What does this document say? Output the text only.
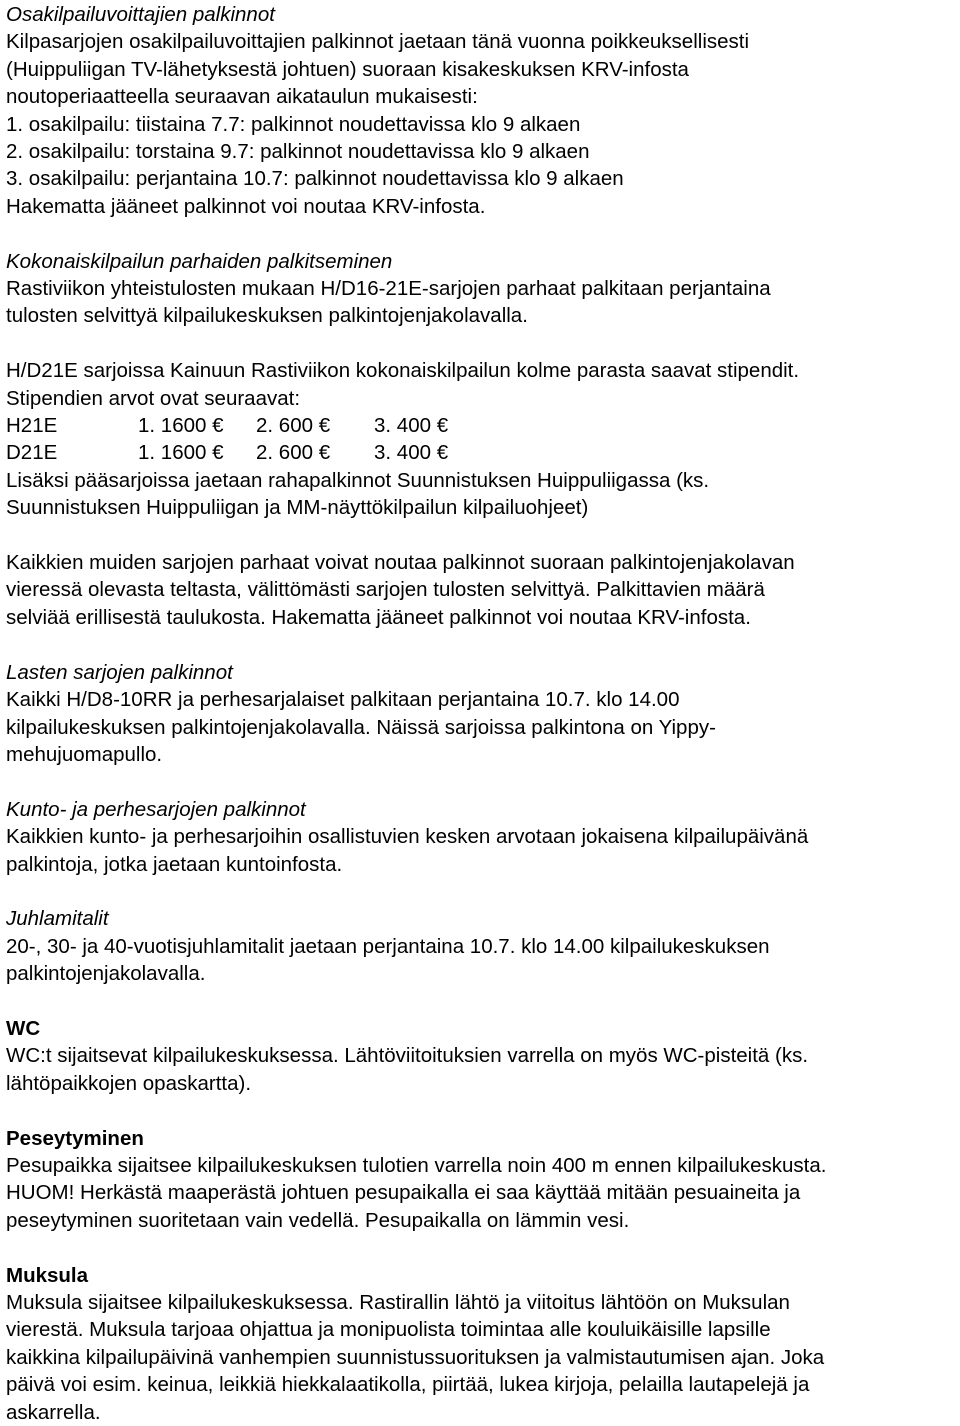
Osakilpailuvoittajien palkinnot
Kilpasarjojen osakilpailuvoittajien palkinnot jaetaan tänä vuonna poikkeuksellisesti
(Huippuliigan TV-lähetyksestä johtuen) suoraan kisakeskuksen KRV-infosta
noutoperiaatteella seuraavan aikataulun mukaisesti:
1. osakilpailu: tiistaina 7.7: palkinnot noudettavissa klo 9 alkaen
2. osakilpailu: torstaina 9.7: palkinnot noudettavissa klo 9 alkaen
3. osakilpailu: perjantaina 10.7: palkinnot noudettavissa klo 9 alkaen
Hakematta jääneet palkinnot voi noutaa KRV-infosta.
Kokonaiskilpailun parhaiden palkitseminen
Rastiviikon yhteistulosten mukaan H/D16-21E-sarjojen parhaat palkitaan perjantaina
tulosten selvittyä kilpailukeskuksen palkintojenjakolavalla.
H/D21E sarjoissa Kainuun Rastiviikon kokonaiskilpailun kolme parasta saavat stipendit.
Stipendien arvot ovat seuraavat:
H21E	1. 1600 €	2. 600 €	3. 400 €
D21E	1. 1600 €	2. 600 €	3. 400 €
Lisäksi pääsarjoissa jaetaan rahapalkinnot Suunnistuksen Huippuliigassa (ks.
Suunnistuksen Huippuliigan ja MM-näyttökilpailun kilpailuohjeet)
Kaikkien muiden sarjojen parhaat voivat noutaa palkinnot suoraan palkintojenjakolavan
vieressä olevasta teltasta, välittömästi sarjojen tulosten selvittyä. Palkittavien määrä
selviää erillisestä taulukosta. Hakematta jääneet palkinnot voi noutaa KRV-infosta.
Lasten sarjojen palkinnot
Kaikki H/D8-10RR ja perhesarjalaiset palkitaan perjantaina 10.7. klo 14.00
kilpailukeskuksen palkintojenjakolavalla. Näissä sarjoissa palkintona on Yippy-
mehujuomapullo.
Kunto- ja perhesarjojen palkinnot
Kaikkien kunto- ja perhesarjoihin osallistuvien kesken arvotaan jokaisena kilpailupäivänä
palkintoja, jotka jaetaan kuntoinfosta.
Juhlamitalit
20-, 30- ja 40-vuotisjuhlamitalit jaetaan perjantaina 10.7. klo 14.00 kilpailukeskuksen
palkintojenjakolavalla.
WC
WC:t sijaitsevat kilpailukeskuksessa. Lähtöviitoituksien varrella on myös WC-pisteitä (ks.
lähtöpaikkojen opaskartta).
Peseytyminen
Pesupaikka sijaitsee kilpailukeskuksen tulotien varrella noin 400 m ennen kilpailukeskusta.
HUOM! Herkästä maaperästä johtuen pesupaikalla ei saa käyttää mitään pesuaineita ja
peseytyminen suoritetaan vain vedellä. Pesupaikalla on lämmin vesi.
Muksula
Muksula sijaitsee kilpailukeskuksessa. Rastirallin lähtö ja viitoitus lähtöön on Muksulan
vierestä. Muksula tarjoaa ohjattua ja monipuolista toimintaa alle kouluikäisille lapsille
kaikkina kilpailupäivinä vanhempien suunnistussuorituksen ja valmistautumisen ajan. Joka
päivä voi esim. keinua, leikkiä hiekkalaatikolla, piirtää, lukea kirjoja, pelailla lautapelejä ja
askarrella.
